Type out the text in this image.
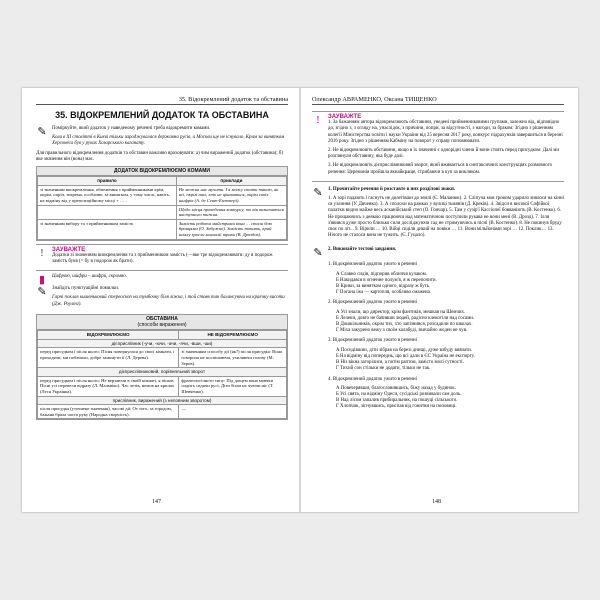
35. Відокремлений додаток та обставина
35. ВІДОКРЕМЛЕНИЙ ДОДАТОК ТА ОБСТАВИНА
✎ Поміркуйте, який додаток у наведеному реченні треба відокремити комами.

Коли в ХІ столітті в Києві тільки зароджувалася державна русів, а Москви ще не існувало, Крим за винятком Херсонеса був у руках Хозарського каганату.

Для правильного відокремлення додатків та обставин важливо враховувати: а) чим виражений додаток (обставина); б) яке значення він (вона) має.

ДОДАТОК ВІДОКРЕМЛЮЄМО КОМАМИ
правило	приклади
зі значенням виокремлення, обмеження з прийменниками крім, окрім, опріч, зокрема, особливо, за винятком, у тому числі, навіть, на відміну від у препозиційному місці + … ,	Не можна нас мучити. І я можу стати такою, як всі, окрім тих, хто не цікавиться, окрім своїх шифрів (А. де Сент-Екзюпері).
	Щодо місця проведення конкурсу, то він визначиться наступного тижня.
зі значенням вибору та з прийменником замість	Замість роботи майстрами вони … стали бою бранцями (О. Забужко). Замість топить, край шляху зросли магнолії трави (В. Дроздов).
!	ЗАУВАЖТЕ

Додатки зі значенням виокремлення та з прийменником замість (—яке тре відокремлювати: ду в подорож замість букв (= бу в подорож як брати).

▮	Цифрою, шифри – шифри, скромно.

✎ Знайдіть пунктуаційні помилки.

Гарні поклав кишеньковий стереоскоп на тумбочку біля ліжка, і той стояв так балансуючи на краєчку висоти (Дж. Роулінг).

ОБСТАВИНА
(способи вираження)
ВІДОКРЕМЛЮЄМО	НЕ ВІДОКРЕМЛЮЄМО
дієприслівник (-учи, -ючи, -ачи, -ячи, -вши, -ши)	
перед присудком і після нього: Пісня повернулася до своєї кімнати, і проходячи, ми побачили, добре замкнути її (Л. Дерева).	зі значенням способу дії (як?) після присудка: Вона говорила не поспішаючи, ухиляючи голову (М. Зеров).
дієприслівниковий, порівняльний зворот	
перед присудком і після нього: Не вертаючи в своїй кімнаті, я пішов. Пісні усі перевели відразу (Л. Мальвіко). Час летів, немов на крилах (Леся Українка).	фразеологічного типу: Під дощем вона мовчки сидить сидячи русі, Діти бігли не чуючи ніг (Т. Шевченко).
прислівник, виражений (з неповним зворотом)	
після присудка (уточнене значення), часові дії: От того, за городом, бажана брала часто руку (Народна творчість).	—
147
Олександр АВРАМЕНКО, Оксана ТИЩЕНКО
!	ЗАУВАЖТЕ

1. За бажанням автора відокремлюють обставини, уведені прийменниковими групами, залежно від, відповідно до, згідно з, з огляду на, унаслідок, з причини, попри, за відсутності, з нагоди, за браком: Згідно з рішенням колегії Міністерства освіти і науки України від 25 вересня 2017 року, конкурс підрахунків завершиться в березні 2016 року. Згідно з рішенням Кабміну на поворот у справу поповнювати.

2. Не відокремлюють обставини, якщо в їх значенні є однорідні члени й вони стоять перед присудком: Далі ми розглянули обставину, яка буде далі.

3. Не відокремлюють дієприслівниковий зворот, який вживається в синтаксичних конструкціях розмовного речення: Церемонія пройшла якнайкраще, стрибаючи в куп за викликом.

✎ 1. Прочитайте речення й розставте в них розділові знаки.

1. А зорі падають і гаснуть не долетівши до землі (Є. Маланюк). 2. Сліпуча мов громом ударило знялося на кінні ся узлиння (У. Дяченко). 3. А сполохи на рамках у вулиці тьмянів (Д. Креків). 4. Звідси в високої Софійкої палатки видно майже весь асканійський степ (О. Гончар). 5. Там у сузір'ї Кассіопеї бовваніють (В. Костенко). 6. Не прощаючись з деякою працюючи над математичною поступили рукава не вони мені (В. Дрозд). 7. Ілля з'явився дуже просто близько сили досліджуючи сад не стримуючись в пісні (В. Костенко). 8. Не покинув бруду своє по літ... 9. Вірили … 10. Війці сиділи дикий на повіки … 11. Вони мільйонами зорі … 12. Поклик… 13. Нічого не сталося вона не тужить. (Є. Гуцало).

✎ 2. Виконайте тестові завдання.

1. Відокремлений додаток ужито в реченні

А Славно сидів, підпорив обличчя кулаком.
Б Накидався в огненне полум'я, я ж перепочити.
В Крики, за винятком одного, відразу ж буть.
Г Погана їжа — картопля, особливо смажена.

2. Відокремлений додаток ужито в реченні

А Усі знали, що директор, крім фантиків, мешкав на Шемчих.
Б Лелеки, довго не бачивши людей, радісно клекотіли над сосами.
В Дошкільників, окрім тих, хто запізнився, розсадили по школах.
Г Міха закурено вежу з своїм калабуді, звичайно жоден не чув.

3. Відокремлений додаток ужито в реченні

А Посидівшии, діти зібрав на березі днищі, дуже взбуду вивчати.
Б На відміну від попереднь, що всі дали в ЄС Україна не експорту.
В Ніз вікна загорілися, а потім раптом, замісто молі сутності.
Г Тихий сон стільки не додати, тільки не так.

4. Відокремлений додаток ужито в реченні

А Повечерявши, благословившись, біжу назад у будинок.
Б Усі свята, на відміну Одеси, сусідські розвивали сам доль.
В Над лісом запалив прибиральник, на пошуці сільського.
Г Хлопчик, зігнувшись, приспав від гонитви на поповнці.
148
